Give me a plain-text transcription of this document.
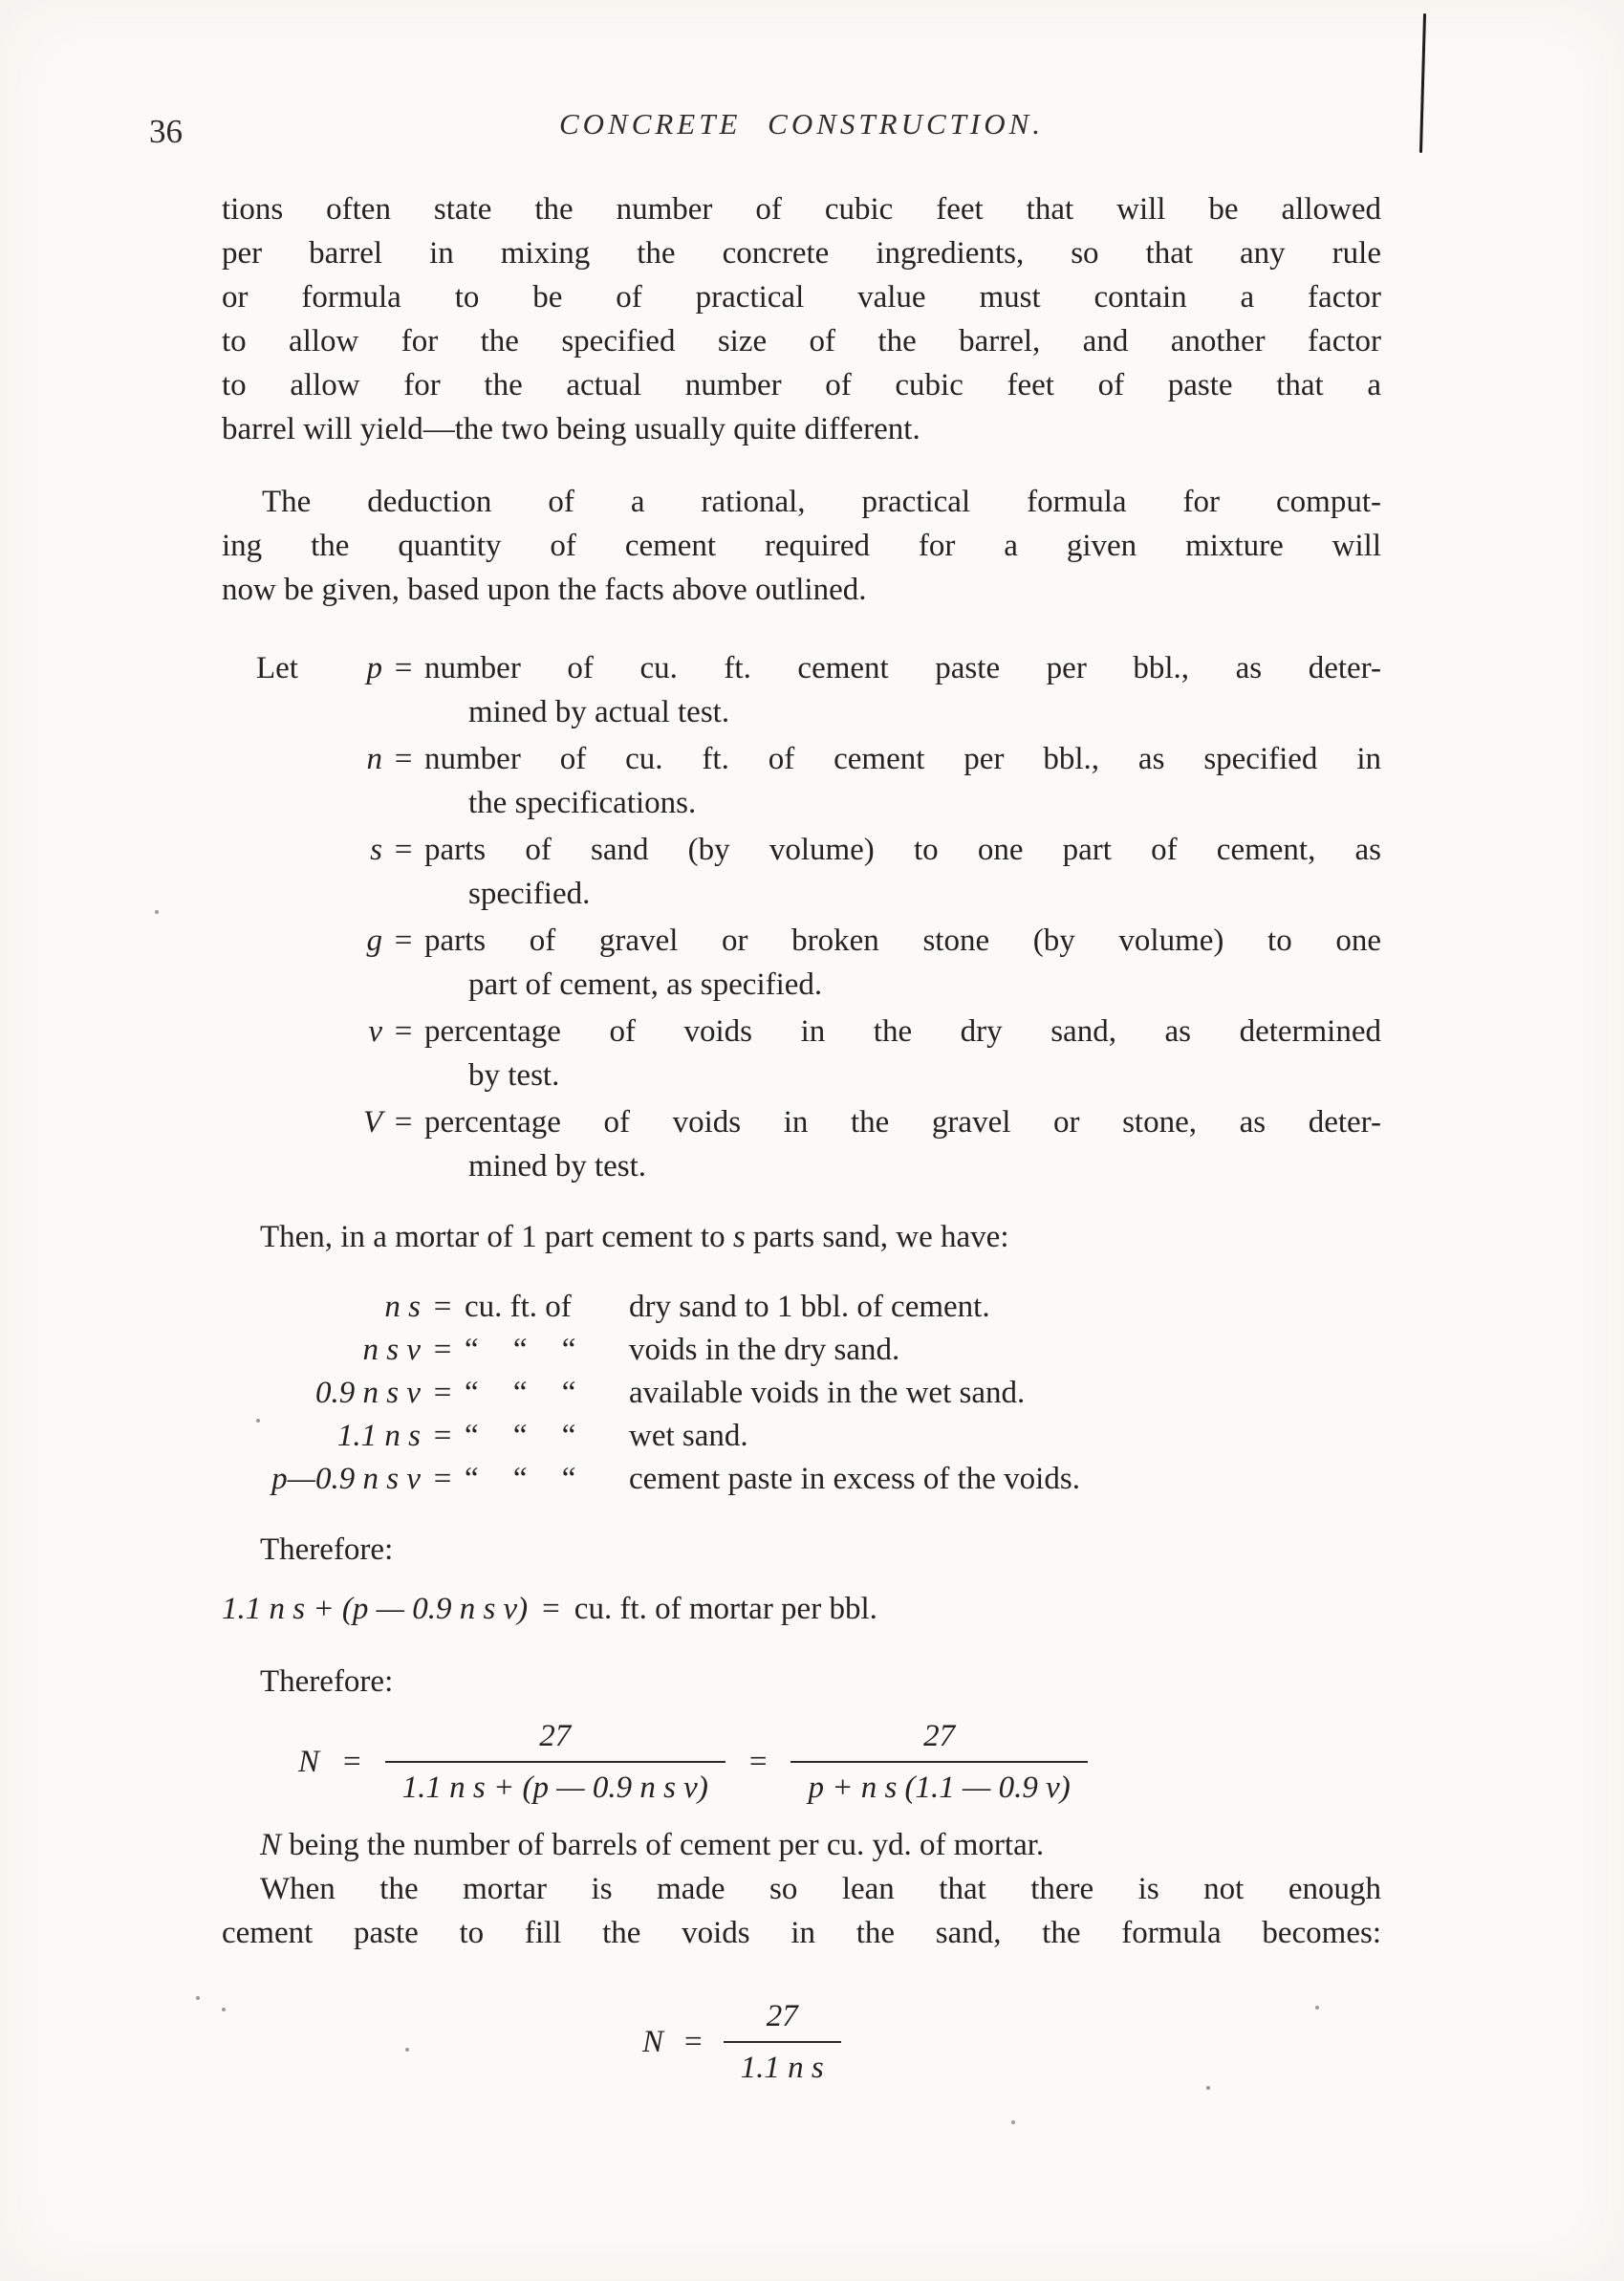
36	CONCRETE CONSTRUCTION.
tions often state the number of cubic feet that will be allowed
per barrel in mixing the concrete ingredients, so that any rule
or formula to be of practical value must contain a factor
to allow for the specified size of the barrel, and another factor
to allow for the actual number of cubic feet of paste that a
barrel will yield—the two being usually quite different.
The deduction of a rational, practical formula for comput-
ing the quantity of cement required for a given mixture will
now be given, based upon the facts above outlined.
Let p = number of cu. ft. cement paste per bbl., as deter-
mined by actual test.
n = number of cu. ft. of cement per bbl., as specified in
the specifications.
s = parts of sand (by volume) to one part of cement, as
specified.
g = parts of gravel or broken stone (by volume) to one
part of cement, as specified.
v = percentage of voids in the dry sand, as determined
by test.
V = percentage of voids in the gravel or stone, as deter-
mined by test.

Then, in a mortar of 1 part cement to s parts sand, we have:

n s = cu. ft. of	dry sand to 1 bbl. of cement.
n s v = “ “ “	voids in the dry sand.
0.9 n s v = “ “ “	available voids in the wet sand.
1.1 n s = “ “ “	wet sand.
p—0.9 n s v = “ “ “	cement paste in excess of the voids.

Therefore:

1.1 n s + (p — 0.9 n s v) = cu. ft. of mortar per bbl.

Therefore:

$N = \frac{27}{\text{1.1 n s + (p — 0.9 n s v)}} = \frac{27}{\text{p + n s (1.1 — 0.9 v)}}$

N being the number of barrels of cement per cu. yd. of mortar.

When the mortar is made so lean that there is not enough
cement paste to fill the voids in the sand, the formula becomes:
$N = \frac{27}{\text{1.1 n s}}$
